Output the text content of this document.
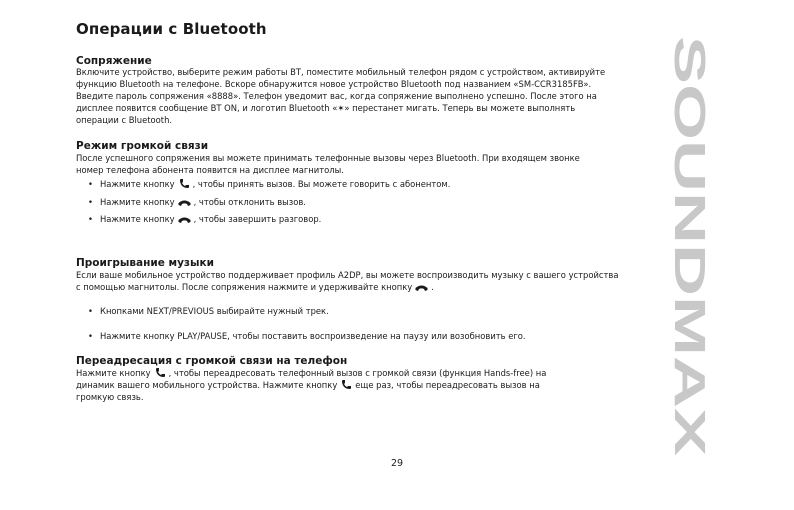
Операции с Bluetooth
Сопряжение
Включите устройство, выберите режим работы BT, поместите мобильный телефон рядом с устройством, активируйте
функцию Bluetooth на телефоне. Вскоре обнаружится новое устройство Bluetooth под названием «SM-CCR3185FB».
Введите пароль сопряжения «8888». Телефон уведомит вас, когда сопряжение выполнено успешно. После этого на
дисплее появится сообщение BT ON, и логотип Bluetooth «✶» перестанет мигать. Теперь вы можете выполнять
операции с Bluetooth.
Режим громкой связи
После успешного сопряжения вы можете принимать телефонные вызовы через Bluetooth. При входящем звонке
номер телефона абонента появится на дисплее магнитолы.
• Нажмите кнопку , чтобы принять вызов. Вы можете говорить с абонентом.
• Нажмите кнопку , чтобы отклонить вызов.
• Нажмите кнопку , чтобы завершить разговор.
Проигрывание музыки
Если ваше мобильное устройство поддерживает профиль A2DP, вы можете воспроизводить музыку с вашего устройства
с помощью магнитолы. После сопряжения нажмите и удерживайте кнопку .
• Кнопками NEXT/PREVIOUS выбирайте нужный трек.
• Нажмите кнопку PLAY/PAUSE, чтобы поставить воспроизведение на паузу или возобновить его.
Переадресация с громкой связи на телефон
Нажмите кнопку , чтобы переадресовать телефонный вызов с громкой связи (функция Hands-free) на
динамик вашего мобильного устройства. Нажмите кнопку еще раз, чтобы переадресовать вызов на
громкую связь.
SOUNDMAX
29
